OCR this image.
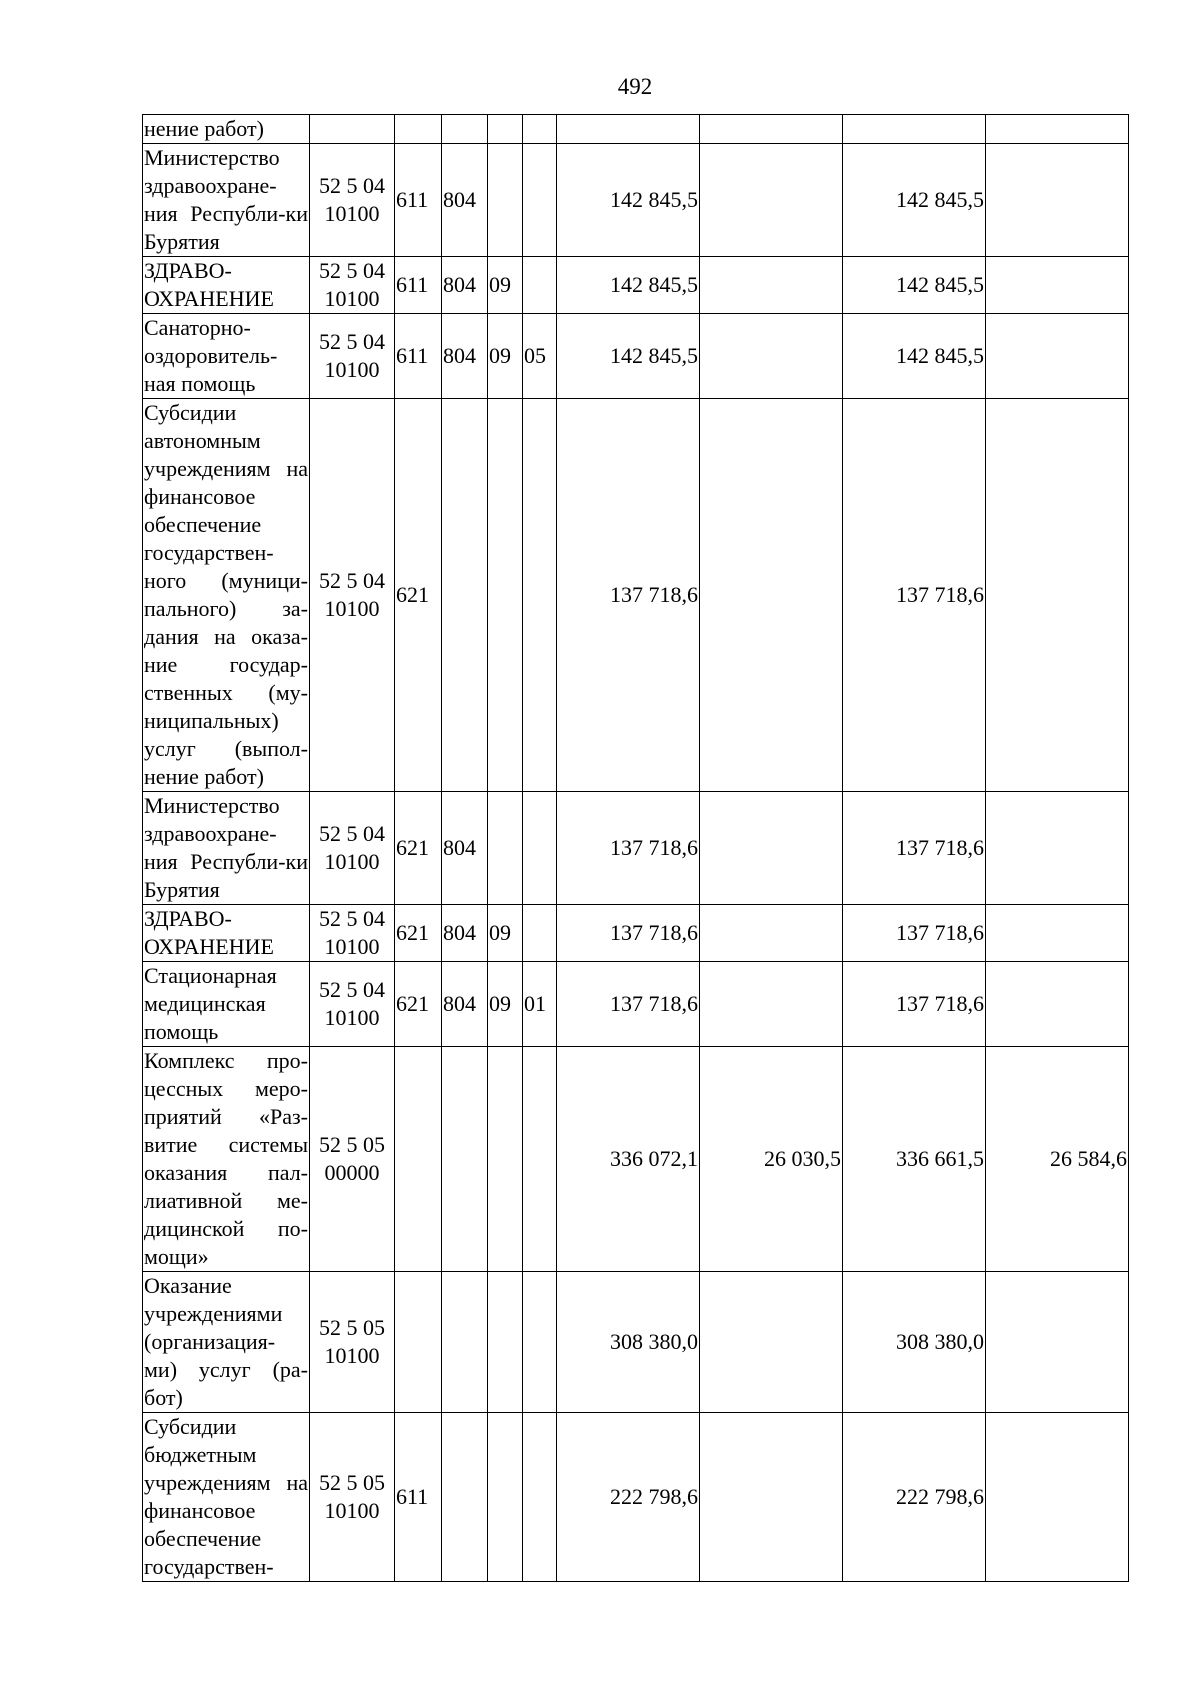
492
нение работ)									
Министерство здравоохране-ния Республи-ки Бурятия	52 5 04 10100	611	804			142 845,5		142 845,5	
ЗДРАВО-ОХРАНЕНИЕ	52 5 04 10100	611	804	09		142 845,5		142 845,5	
Санаторно-оздоровитель-ная помощь	52 5 04 10100	611	804	09	05	142 845,5		142 845,5	
Субсидии автономным учреждениям на финансовое обеспечение государствен-ного (муници-пального) за-дания на оказа-ние государ-ственных (му-ниципальных) услуг (выпол-нение работ)	52 5 04 10100	621				137 718,6		137 718,6	
Министерство здравоохране-ния Республи-ки Бурятия	52 5 04 10100	621	804			137 718,6		137 718,6	
ЗДРАВО-ОХРАНЕНИЕ	52 5 04 10100	621	804	09		137 718,6		137 718,6	
Стационарная медицинская помощь	52 5 04 10100	621	804	09	01	137 718,6		137 718,6	
Комплекс про-цессных меро-приятий «Раз-витие системы оказания пал-лиативной ме-дицинской по-мощи»	52 5 05 00000					336 072,1	26 030,5	336 661,5	26 584,6
Оказание учреждениями (организация-ми) услуг (ра-бот)	52 5 05 10100					308 380,0		308 380,0	
Субсидии бюджетным учреждениям на финансовое обеспечение государствен-	52 5 05 10100	611				222 798,6		222 798,6	
